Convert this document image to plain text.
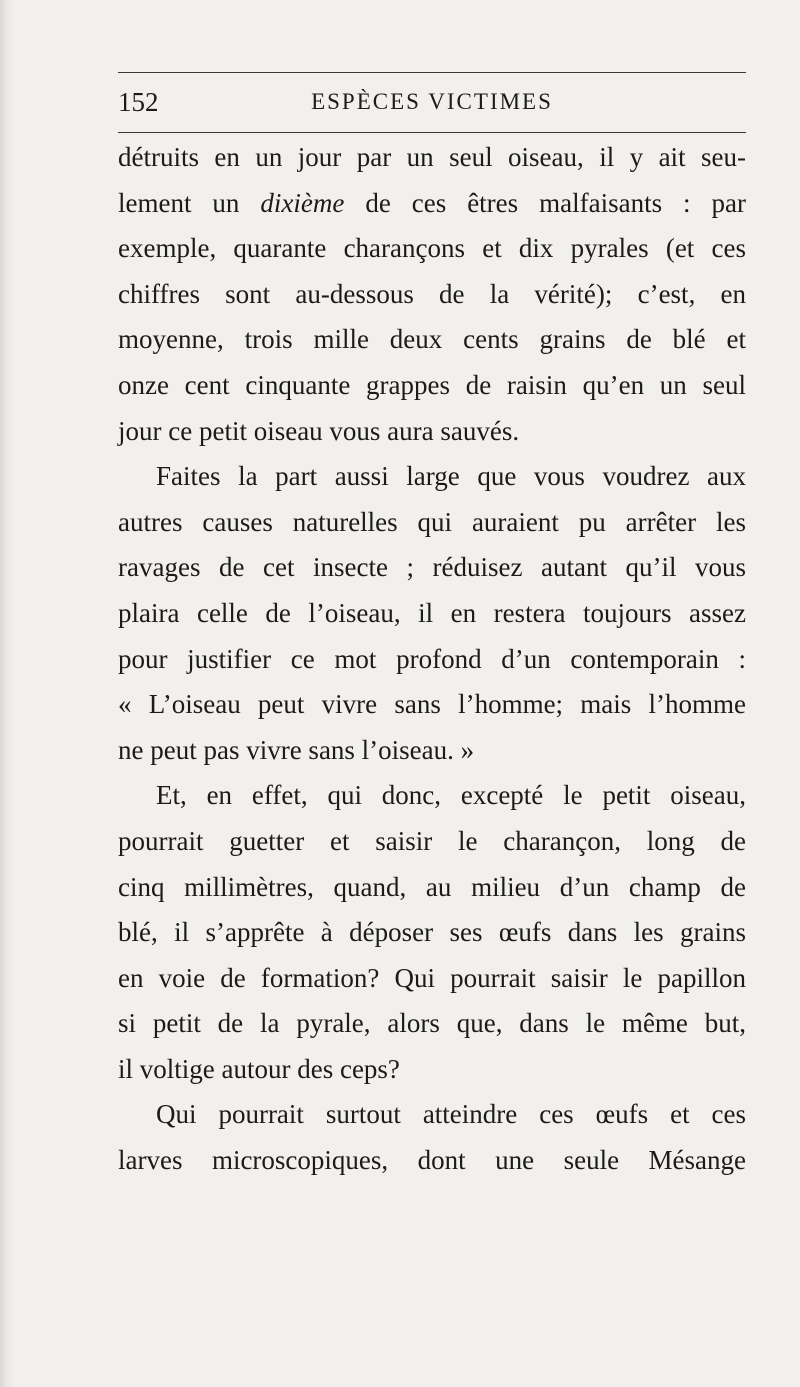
152	ESPÈCES VICTIMES
détruits en un jour par un seul oiseau, il y ait seu-
lement un dixième de ces êtres malfaisants : par
exemple, quarante charançons et dix pyrales (et ces
chiffres sont au-dessous de la vérité); c’est, en
moyenne, trois mille deux cents grains de blé et
onze cent cinquante grappes de raisin qu’en un seul
jour ce petit oiseau vous aura sauvés.
Faites la part aussi large que vous voudrez aux
autres causes naturelles qui auraient pu arrêter les
ravages de cet insecte ; réduisez autant qu’il vous
plaira celle de l’oiseau, il en restera toujours assez
pour justifier ce mot profond d’un contemporain :
« L’oiseau peut vivre sans l’homme; mais l’homme
ne peut pas vivre sans l’oiseau. »
Et, en effet, qui donc, excepté le petit oiseau,
pourrait guetter et saisir le charançon, long de
cinq millimètres, quand, au milieu d’un champ de
blé, il s’apprête à déposer ses œufs dans les grains
en voie de formation? Qui pourrait saisir le papillon
si petit de la pyrale, alors que, dans le même but,
il voltige autour des ceps?
Qui pourrait surtout atteindre ces œufs et ces
larves microscopiques, dont une seule Mésange
